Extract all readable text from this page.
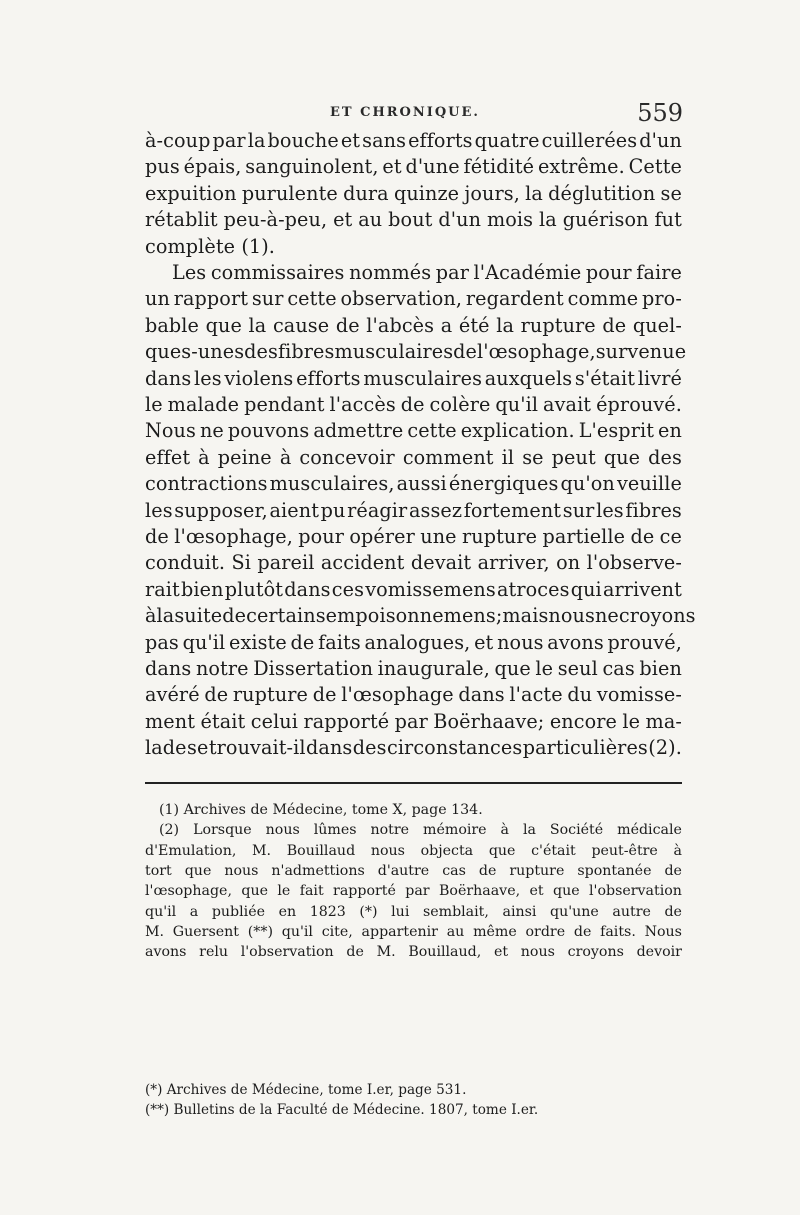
ET CHRONIQUE.	559
à-coup par la bouche et sans efforts quatre cuillerées d'un
pus épais, sanguinolent, et d'une fétidité extrême. Cette
expuition purulente dura quinze jours, la déglutition se
rétablit peu-à-peu, et au bout d'un mois la guérison fut
complète (1).
Les commissaires nommés par l'Académie pour faire
un rapport sur cette observation, regardent comme pro-
bable que la cause de l'abcès a été la rupture de quel-
ques-unes des fibres musculaires de l'œsophage, survenue
dans les violens efforts musculaires auxquels s'était livré
le malade pendant l'accès de colère qu'il avait éprouvé.
Nous ne pouvons admettre cette explication. L'esprit en
effet à peine à concevoir comment il se peut que des
contractions musculaires, aussi énergiques qu'on veuille
les supposer, aient pu réagir assez fortement sur les fibres
de l'œsophage, pour opérer une rupture partielle de ce
conduit. Si pareil accident devait arriver, on l'observe-
rait bien plutôt dans ces vomissemens atroces qui arrivent
à la suite de certains empoisonnemens; mais nous ne croyons
pas qu'il existe de faits analogues, et nous avons prouvé,
dans notre Dissertation inaugurale, que le seul cas bien
avéré de rupture de l'œsophage dans l'acte du vomisse-
ment était celui rapporté par Boërhaave; encore le ma-
lade se trouvait-il dans des circonstances particulières (2).
(1) Archives de Médecine, tome X, page 134.
(2) Lorsque nous lûmes notre mémoire à la Société médicale
d'Emulation, M. Bouillaud nous objecta que c'était peut-être à
tort que nous n'admettions d'autre cas de rupture spontanée de
l'œsophage, que le fait rapporté par Boërhaave, et que l'observation
qu'il a publiée en 1823 (*) lui semblait, ainsi qu'une autre de
M. Guersent (**) qu'il cite, appartenir au même ordre de faits. Nous
avons relu l'observation de M. Bouillaud, et nous croyons devoir
(*) Archives de Médecine, tome I.er, page 531.
(**) Bulletins de la Faculté de Médecine. 1807, tome I.er.
